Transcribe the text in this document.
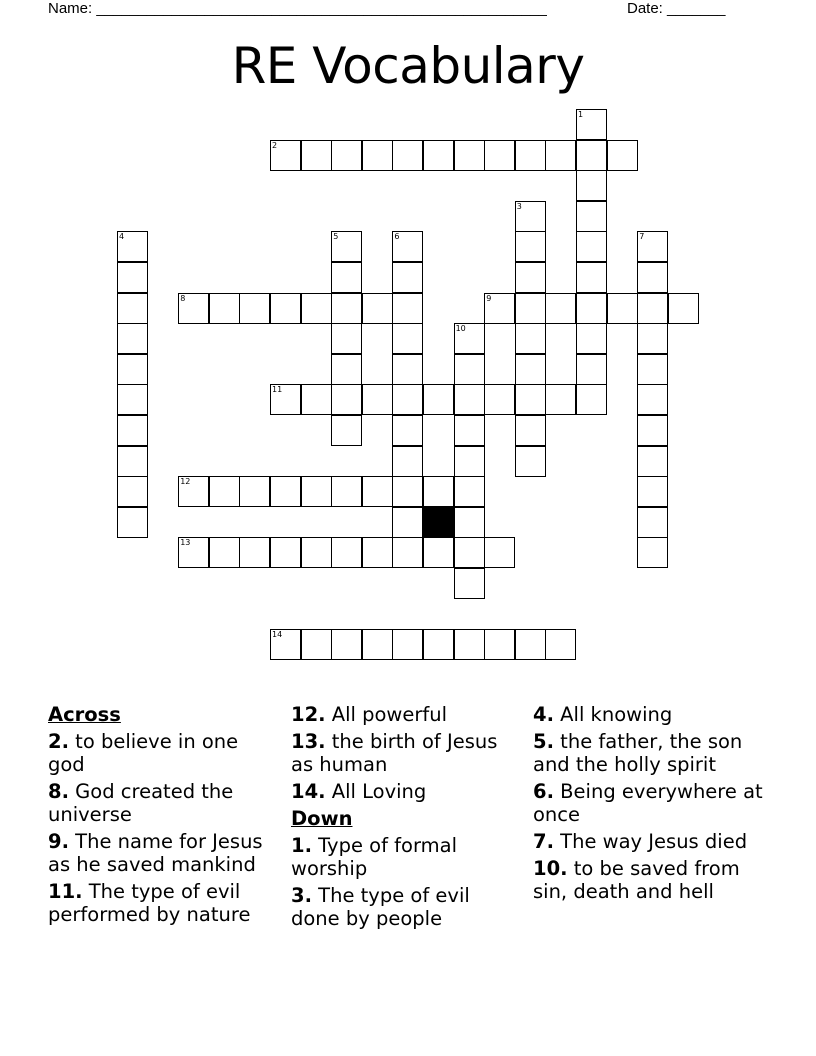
Name: ______________________________________________________	Date: _______
RE Vocabulary
1
2
3
4	5	6	7
8	9
10
11
12
13
14
Across
2. to believe in one god
8. God created the universe
9. The name for Jesus as he saved mankind
11. The type of evil performed by nature
12. All powerful
13. the birth of Jesus as human
14. All Loving
Down
1. Type of formal worship
3. The type of evil done by people
4. All knowing
5. the father, the son and the holly spirit
6. Being everywhere at once
7. The way Jesus died
10. to be saved from sin, death and hell
